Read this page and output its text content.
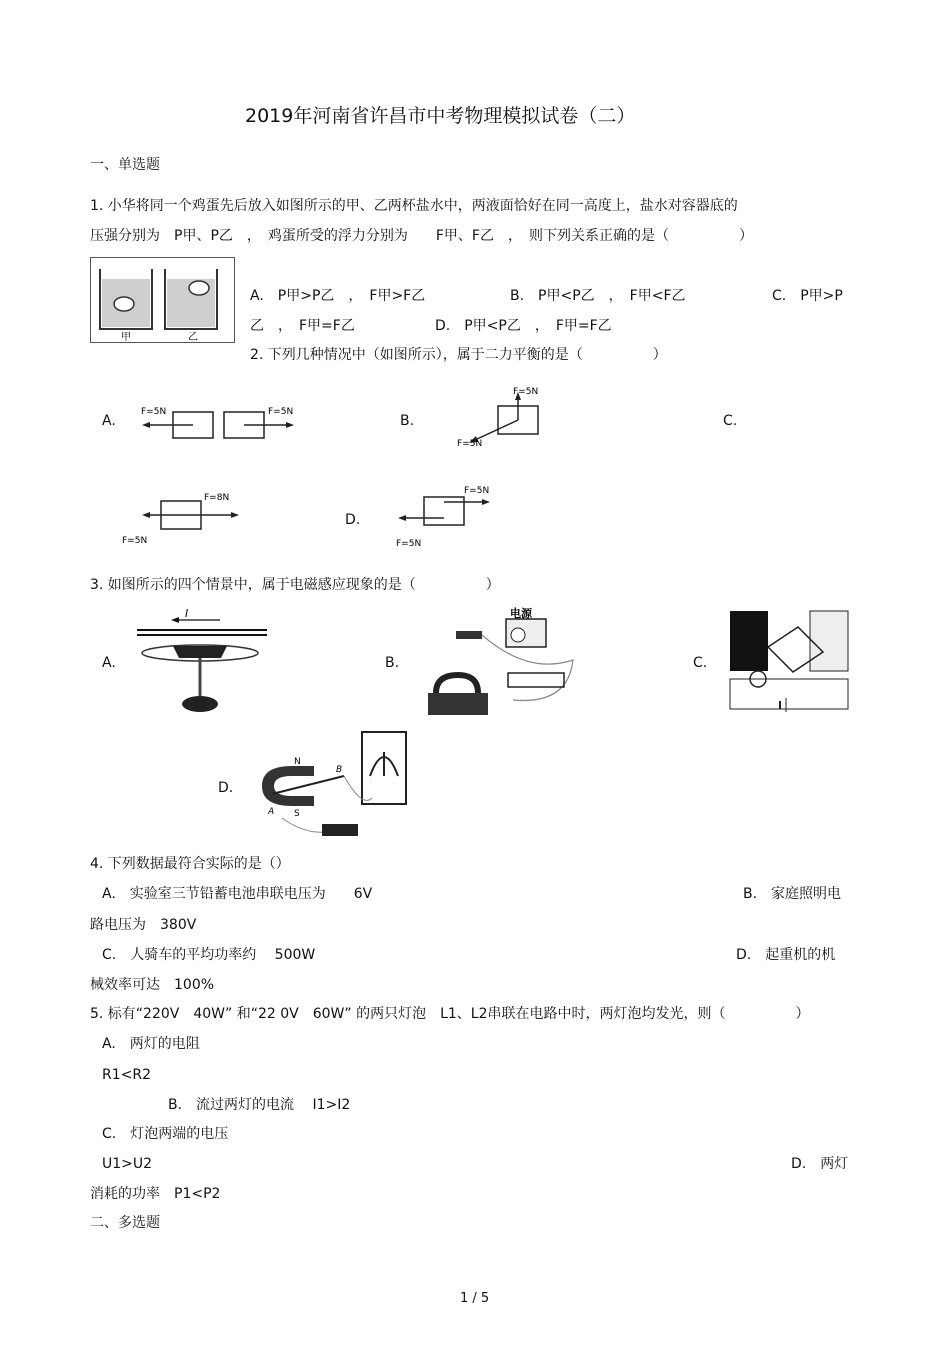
2019年河南省许昌市中考物理模拟试卷（二）
一、单选题
1. 小华将同一个鸡蛋先后放入如图所示的甲、乙两杯盐水中，两液面恰好在同一高度上，盐水对容器底的
压强分别为　P甲、P乙　，　鸡蛋所受的浮力分别为　　F甲、F乙　，　则下列关系正确的是（　　　　　）
甲	乙
A.　P甲>P乙　，　F甲>F乙	B.　P甲<P乙　，　F甲<F乙	C.　P甲>P
乙　，　F甲=F乙	D.　P甲<P乙　，　F甲=F乙
2. 下列几种情况中（如图所示），属于二力平衡的是（　　　　　）
A.
F=5N	F=5N
B.
F=5N
F=5N
C.
F=8N
F=5N
D.
F=5N
F=5N
3. 如图所示的四个情景中，属于电磁感应现象的是（　　　　　）
A.
I
B.
电源
C.
D.
N
S
A
B
4. 下列数据最符合实际的是（）
A.　实验室三节铅蓄电池串联电压为　　6V	B.　家庭照明电
路电压为　380V
C.　人骑车的平均功率约　 500W	D.　起重机的机
械效率可达　100%
5. 标有“220V　40W” 和“22 0V　60W” 的两只灯泡　L1、L2串联在电路中时，两灯泡均发光，则（　　　　　）
A.　两灯的电阻
R1<R2
B.　流过两灯的电流　 I1>I2
C.　灯泡两端的电压
U1>U2	D.　两灯
消耗的功率　P1<P2
二、多选题
1 / 5
